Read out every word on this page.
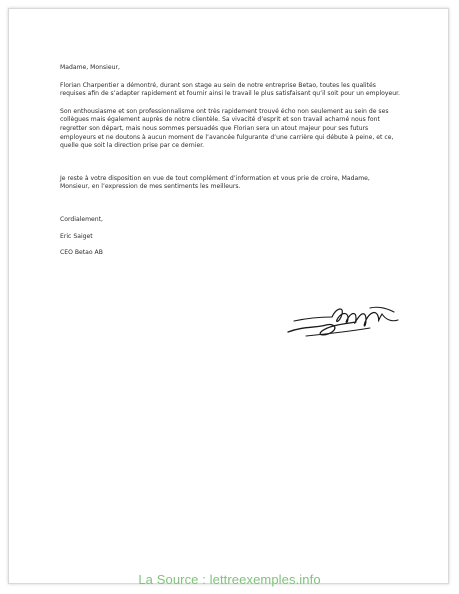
Madame, Monsieur,

Florian Charpentier a démontré, durant son stage au sein de notre entreprise Betao, toutes les qualités requises afin de s’adapter rapidement et fournir ainsi le travail le plus satisfaisant qu’il soit pour un employeur.

Son enthousiasme et son professionnalisme ont très rapidement trouvé écho non seulement au sein de ses collègues mais également auprès de notre clientèle. Sa vivacité d’esprit et son travail acharné nous font regretter son départ, mais nous sommes persuadés que Florian sera un atout majeur pour ses futurs employeurs et ne doutons à aucun moment de l’avancée fulgurante d’une carrière qui débute à peine, et ce, quelle que soit la direction prise par ce dernier.

Je reste à votre disposition en vue de tout complément d’information et vous prie de croire, Madame, Monsieur, en l’expression de mes sentiments les meilleurs.

Cordialement,

Eric Saiget

CEO Betao AB

La Source : lettreexemples.info
